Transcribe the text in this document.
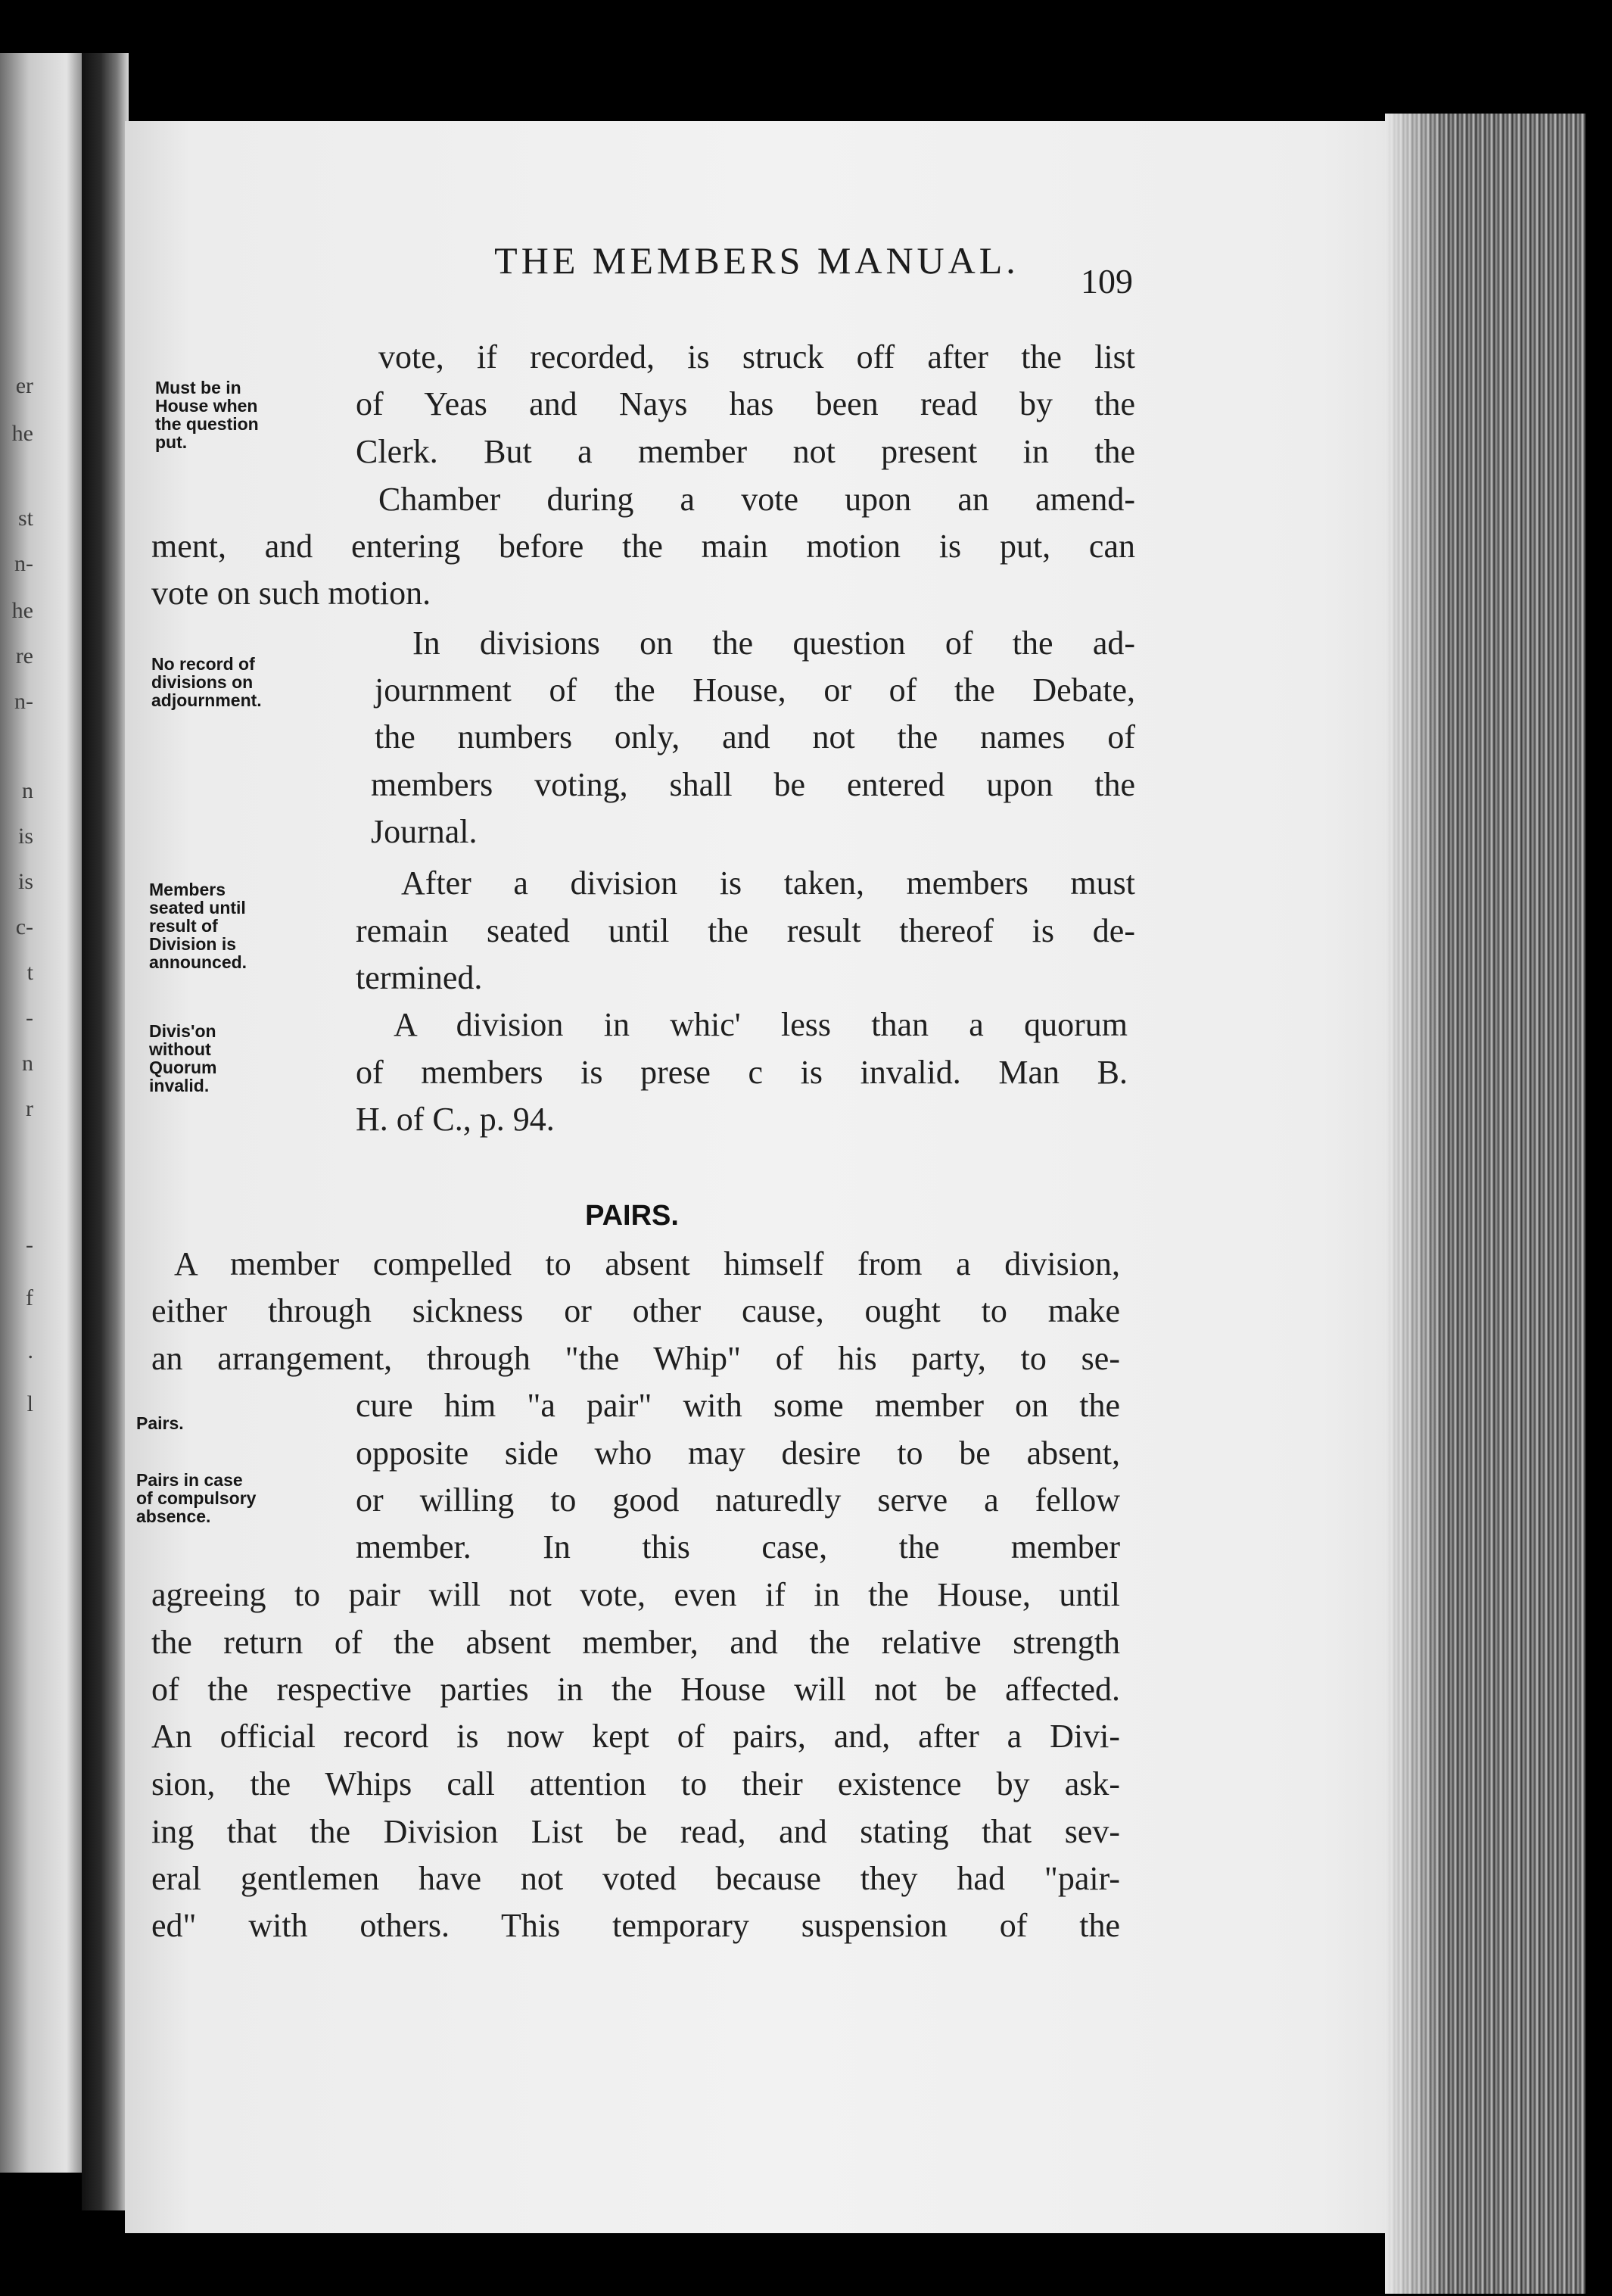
er
he
st
n-
he
re
n-
n
is
is
c-
t
-
n
r
-
f
.
l
THE MEMBERS MANUAL.	109
Must be in
House when
the question
put.
No record of
divisions on
adjournment.
Members
seated until
result of
Division is
announced.
Divis'on
without
Quorum
invalid.
Pairs.
Pairs in case
of compulsory
absence.
vote, if recorded, is struck off after the list
of Yeas and Nays has been read by the
Clerk. But a member not present in the
Chamber during a vote upon an amend-
ment, and entering before the main motion is put, can
vote on such motion.
In divisions on the question of the ad-
journment of the House, or of the Debate,
the numbers only, and not the names of
members voting, shall be entered upon the
Journal.
After a division is taken, members must
remain seated until the result thereof is de-
termined.
A division in whic' less than a quorum
of members is prese c is invalid. Man B.
H. of C., p. 94.
PAIRS.
A member compelled to absent himself from a division,
either through sickness or other cause, ought to make
an arrangement, through "the Whip" of his party, to se-
cure him "a pair" with some member on the
opposite side who may desire to be absent,
or willing to good naturedly serve a fellow
member. In this case, the member
agreeing to pair will not vote, even if in the House, until
the return of the absent member, and the relative strength
of the respective parties in the House will not be affected.
An official record is now kept of pairs, and, after a Divi-
sion, the Whips call attention to their existence by ask-
ing that the Division List be read, and stating that sev-
eral gentlemen have not voted because they had "pair-
ed" with others. This temporary suspension of the
